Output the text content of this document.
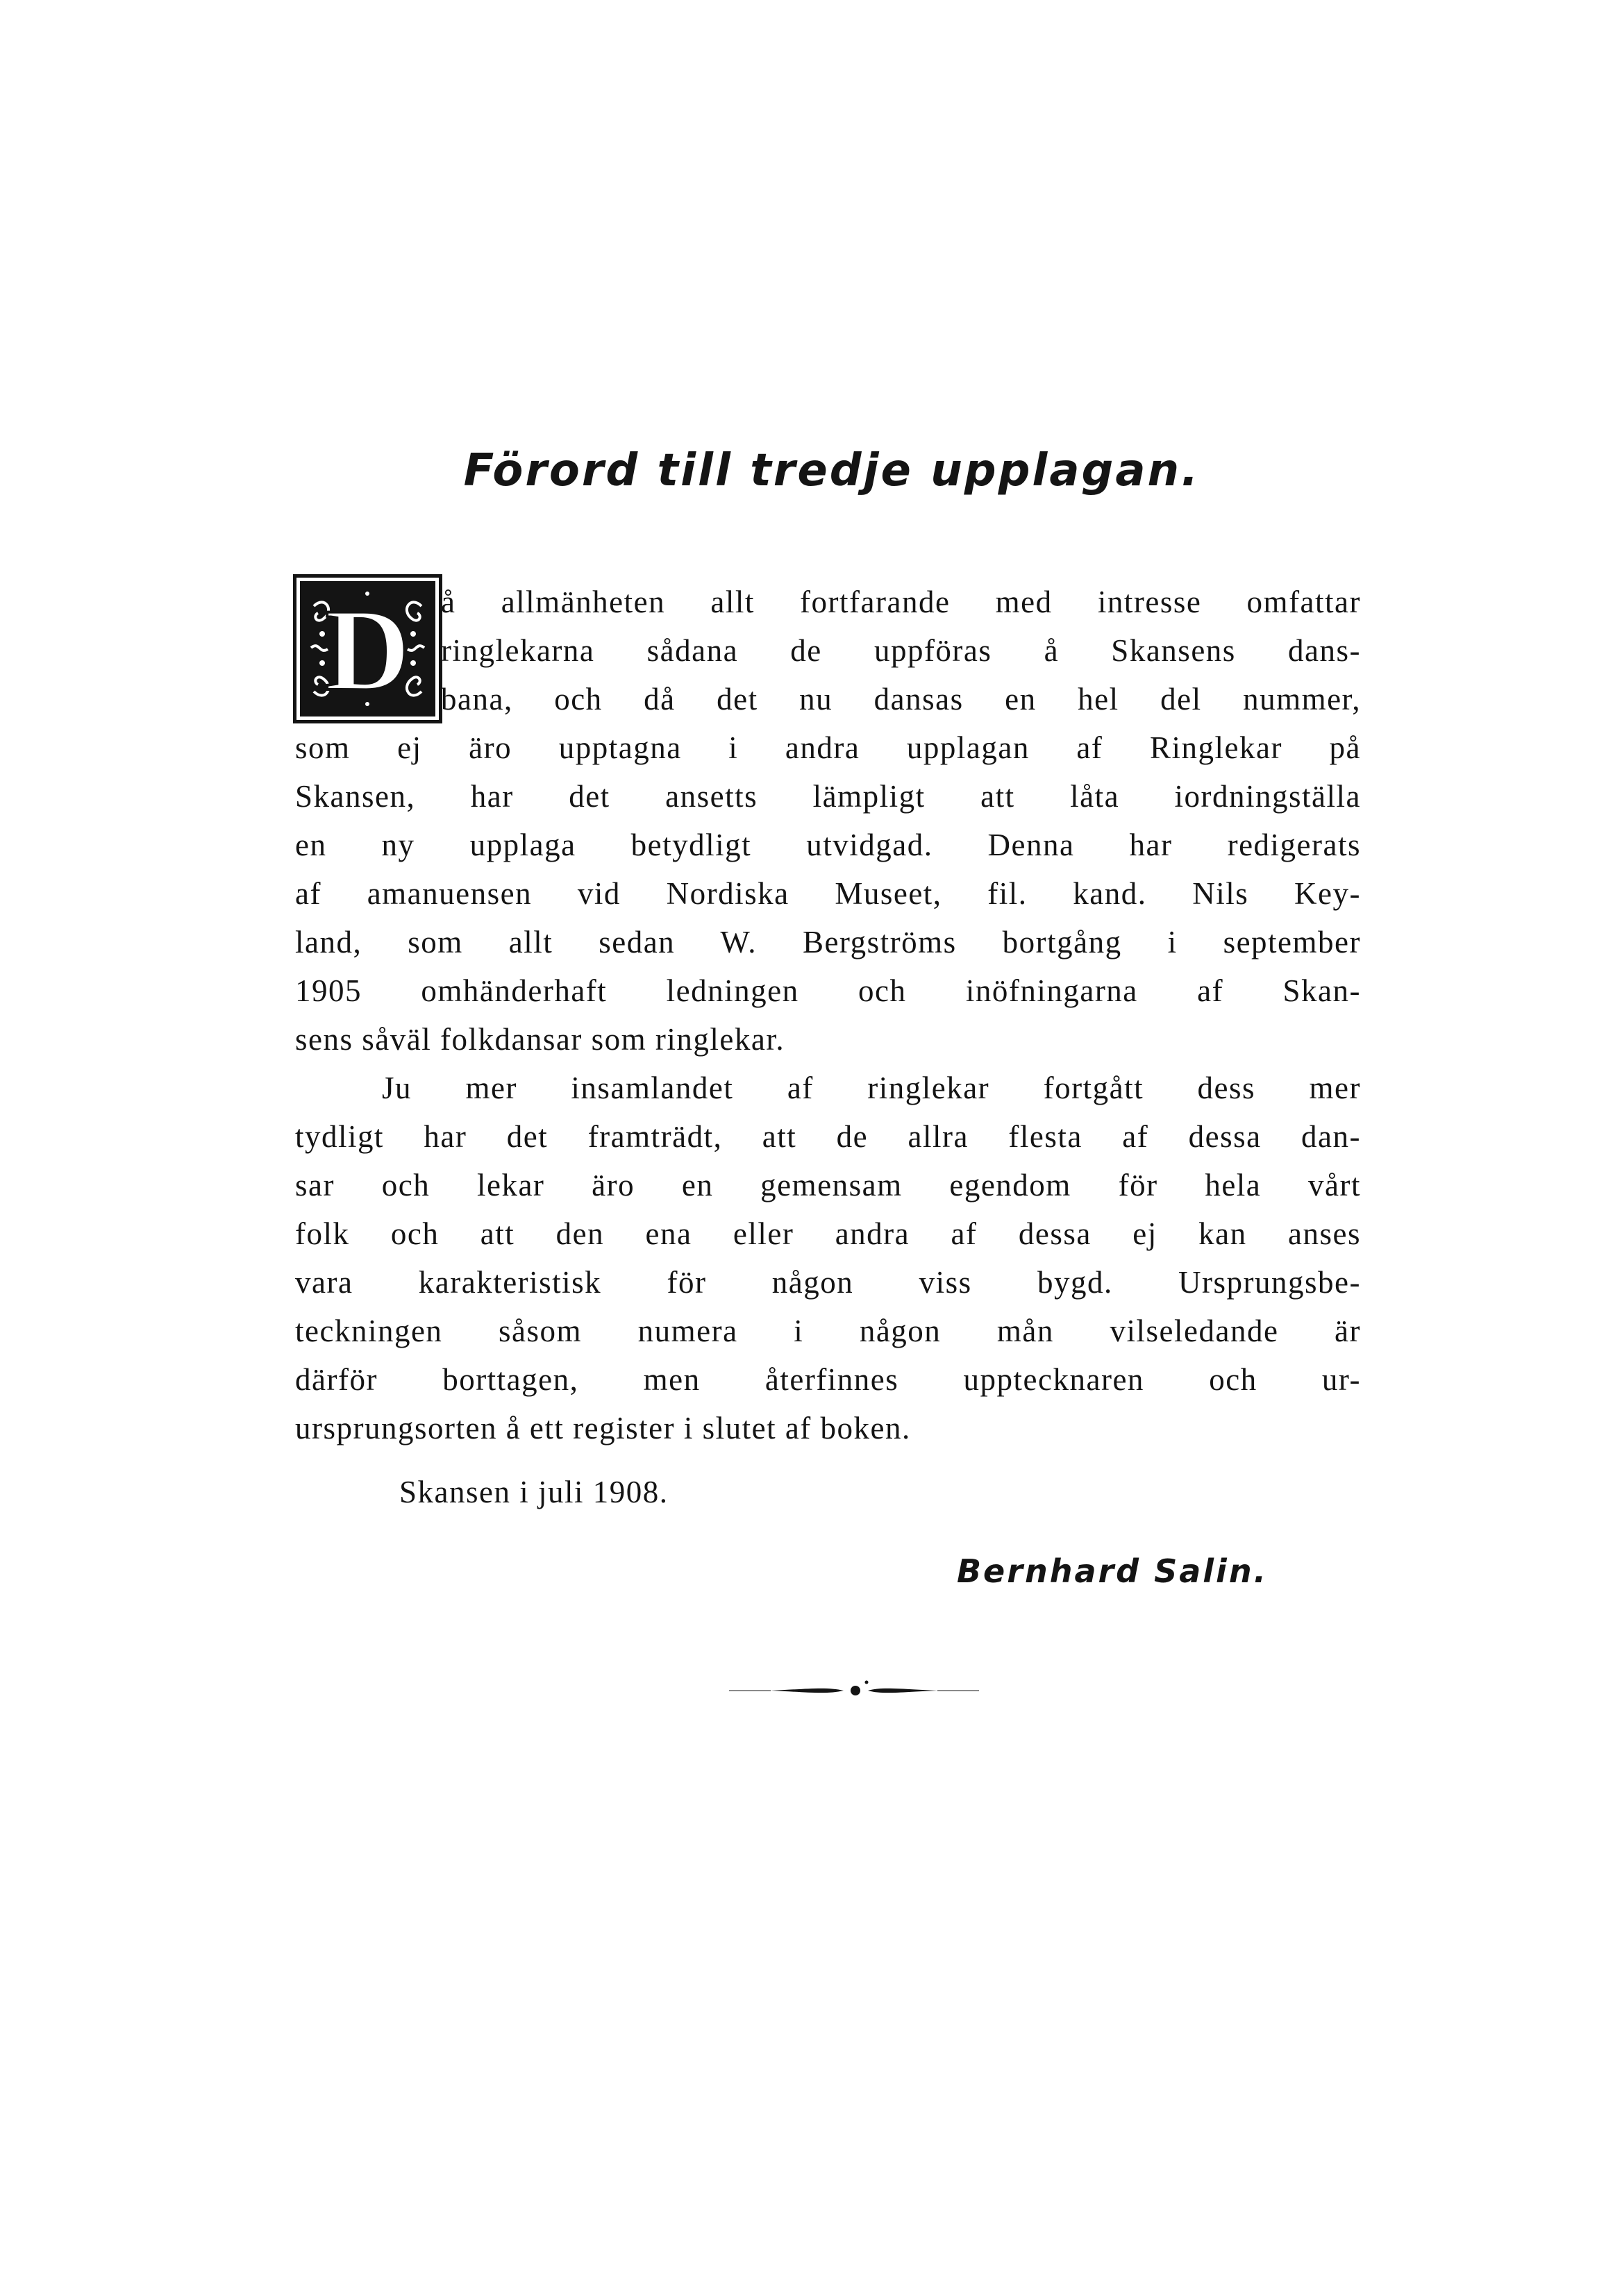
Förord till tredje upplagan.
D å allmänheten allt fortfarande med intresse omfattar
ringlekarna sådana de uppföras å Skansens dans-
bana, och då det nu dansas en hel del nummer,
som ej äro upptagna i andra upplagan af Ringlekar på
Skansen, har det ansetts lämpligt att låta iordningställa
en ny upplaga betydligt utvidgad. Denna har redigerats
af amanuensen vid Nordiska Museet, fil. kand. Nils Key-
land, som allt sedan W. Bergströms bortgång i september
1905 omhänderhaft ledningen och inöfningarna af Skan-
sens såväl folkdansar som ringlekar.
Ju mer insamlandet af ringlekar fortgått dess mer
tydligt har det framträdt, att de allra flesta af dessa dan-
sar och lekar äro en gemensam egendom för hela vårt
folk och att den ena eller andra af dessa ej kan anses
vara karakteristisk för någon viss bygd. Ursprungsbe-
teckningen såsom numera i någon mån vilseledande är
därför borttagen, men återfinnes upptecknaren och ur-
ursprungsorten å ett register i slutet af boken.
Skansen i juli 1908.
Bernhard Salin.
